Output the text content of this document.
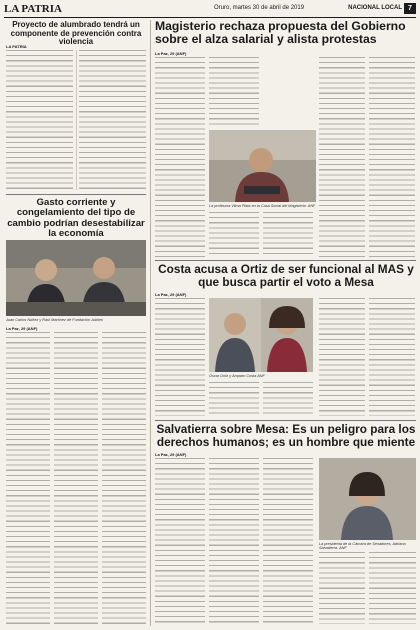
LA PATRIA	Oruro, martes 30 de abril de 2019	NACIONAL LOCAL 7
Proyecto de alumbrado tendrá un componente de prevención contra violencia
LA PATRIA
Gasto corriente y congelamiento del tipo de cambio podrían desestabilizar la economía
Juan Carlos Núñez y Raúl Martínez de Fundación Jubileo
La Paz, 29 (ANF)
Magisterio rechaza propuesta del Gobierno sobre el alza salarial y alista protestas
La Paz, 29 (ANF)
La profesora Vilma Plata en la Casa Social del Magisterio. ANF
Costa acusa a Ortiz de ser funcional al MAS y que busca partir el voto a Mesa
La Paz, 29 (ANF)
Óscar Ortiz y Amparo Costa ANF
Salvatierra sobre Mesa: Es un peligro para los derechos humanos; es un hombre que miente
La Paz, 29 (ANF)
La presidenta de la Cámara de Senadores, Adriana Salvatierra. ANF
